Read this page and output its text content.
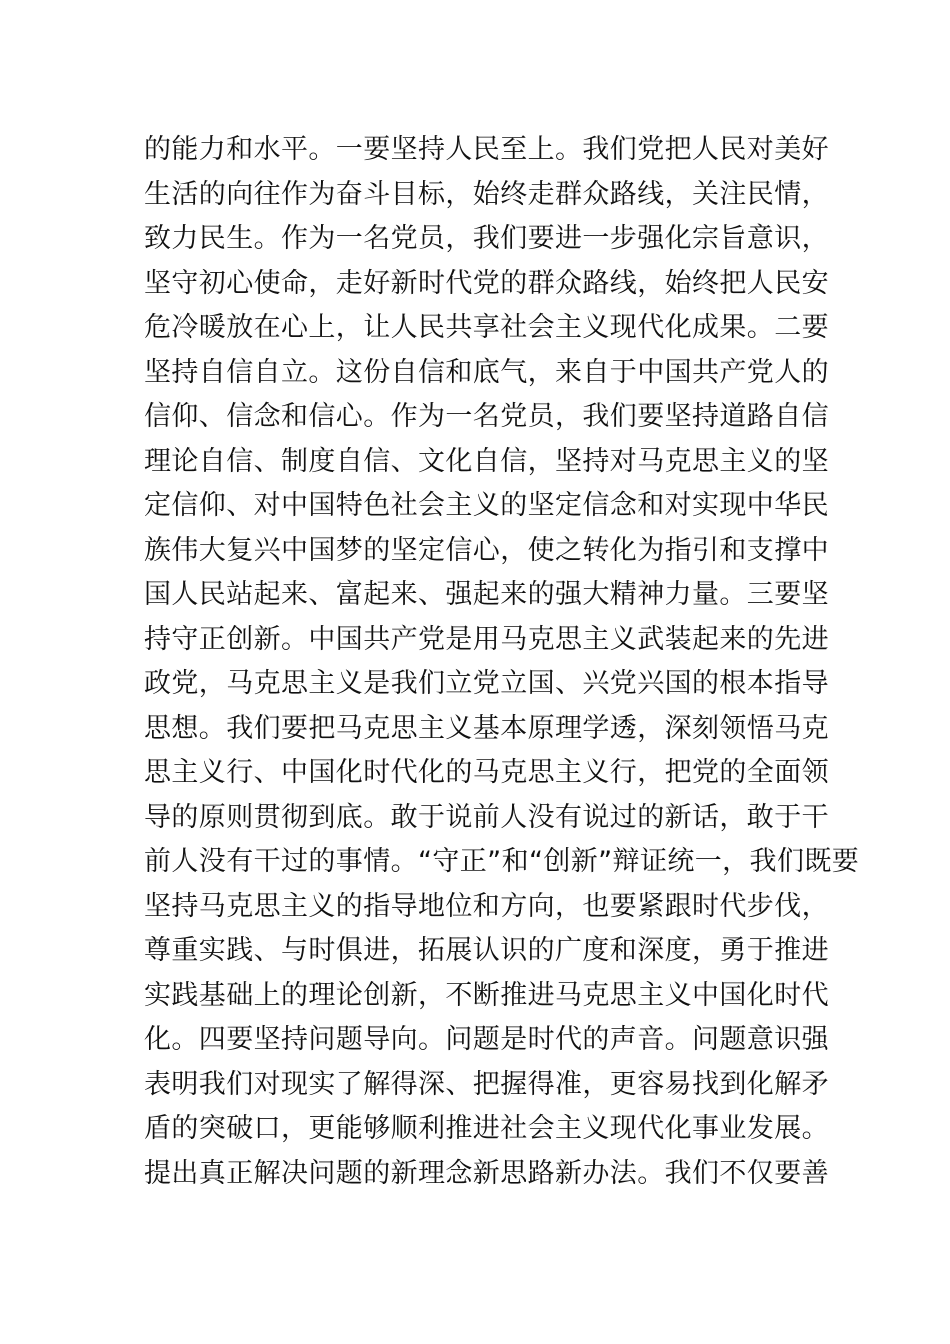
的能力和水平。一要坚持人民至上。我们党把人民对美好
生活的向往作为奋斗目标，始终走群众路线，关注民情，
致力民生。作为一名党员，我们要进一步强化宗旨意识，
坚守初心使命，走好新时代党的群众路线，始终把人民安
危冷暖放在心上，让人民共享社会主义现代化成果。二要
坚持自信自立。这份自信和底气，来自于中国共产党人的
信仰、信念和信心。作为一名党员，我们要坚持道路自信
理论自信、制度自信、文化自信，坚持对马克思主义的坚
定信仰、对中国特色社会主义的坚定信念和对实现中华民
族伟大复兴中国梦的坚定信心，使之转化为指引和支撑中
国人民站起来、富起来、强起来的强大精神力量。三要坚
持守正创新。中国共产党是用马克思主义武装起来的先进
政党，马克思主义是我们立党立国、兴党兴国的根本指导
思想。我们要把马克思主义基本原理学透，深刻领悟马克
思主义行、中国化时代化的马克思主义行，把党的全面领
导的原则贯彻到底。敢于说前人没有说过的新话，敢于干
前人没有干过的事情。“守正”和“创新”辩证统一，我们既要
坚持马克思主义的指导地位和方向，也要紧跟时代步伐，
尊重实践、与时俱进，拓展认识的广度和深度，勇于推进
实践基础上的理论创新，不断推进马克思主义中国化时代
化。四要坚持问题导向。问题是时代的声音。问题意识强
表明我们对现实了解得深、把握得准，更容易找到化解矛
盾的突破口，更能够顺利推进社会主义现代化事业发展。
提出真正解决问题的新理念新思路新办法。我们不仅要善
